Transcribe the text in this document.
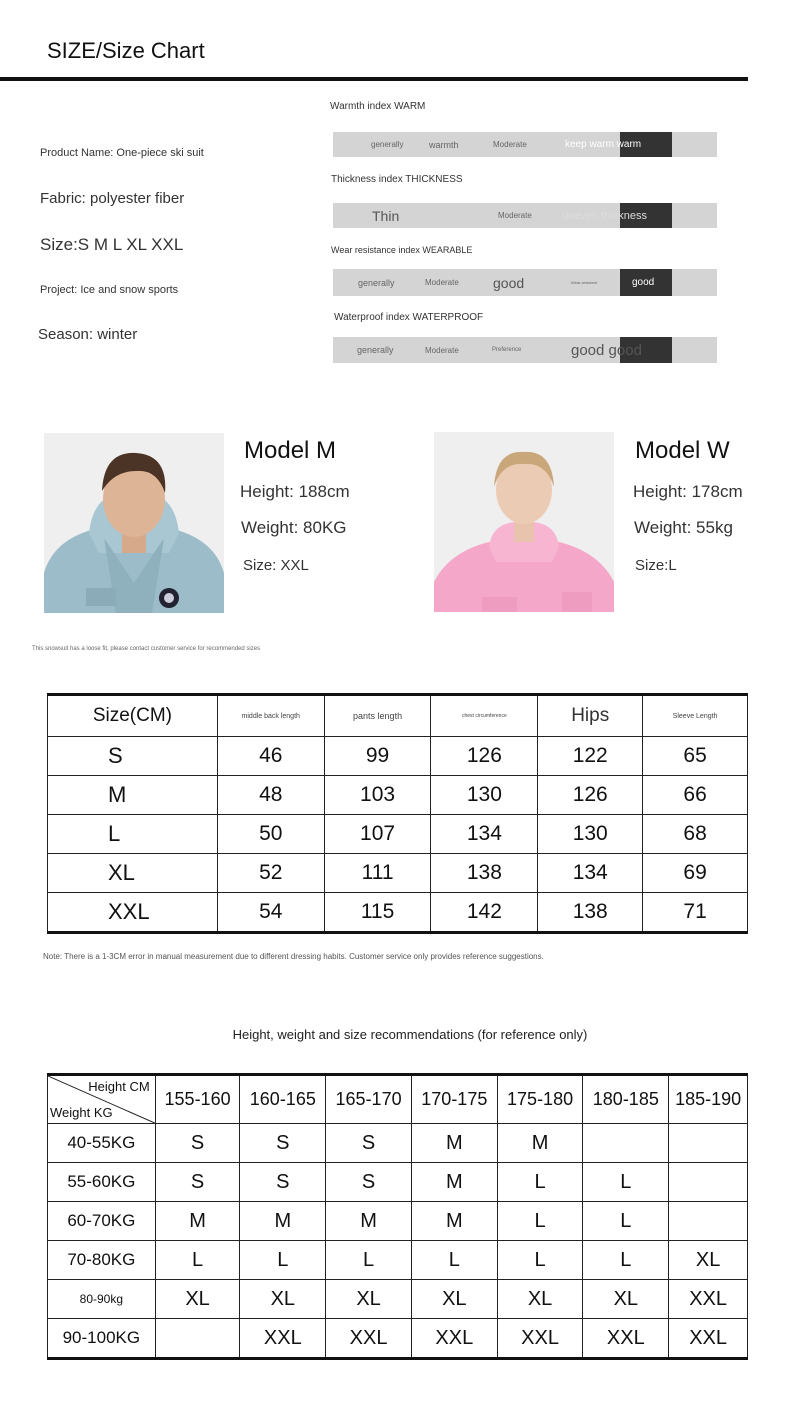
SIZE/Size Chart
Product Name: One-piece ski suit
Fabric: polyester fiber
Size:S M L XL XXL
Project: Ice and snow sports
Season: winter
Warmth index WARM
generally	warmth	Moderate	keep warm warm
Thickness index THICKNESS
Thin	Moderate	uneven thickness
Wear resistance index WEARABLE
generally	Moderate good	Wear-resistant	good
Waterproof index WATERPROOF
generally	Moderate	Preference	good good
Model M
Height: 188cm
Weight: 80KG
Size: XXL
Model W
Height: 178cm
Weight: 55kg
Size:L
This snowsuit has a loose fit, please contact customer service for recommended sizes
Size(CM)	middle back length	pants length	chest circumference	Hips	Sleeve Length
S	46	99	126	122	65
M	48	103	130	126	66
L	50	107	134	130	68
XL	52	111	138	134	69
XXL	54	115	142	138	71
Note: There is a 1-3CM error in manual measurement due to different dressing habits. Customer service only provides reference suggestions.
Height, weight and size recommendations (for reference only)
Height CM
Weight KG	155-160	160-165	165-170	170-175	175-180	180-185	185-190
40-55KG	S	S	S	M	M		
55-60KG	S	S	S	M	L	L	
60-70KG	M	M	M	M	L	L	
70-80KG	L	L	L	L	L	L	XL
80-90kg	XL	XL	XL	XL	XL	XL	XXL
90-100KG		XXL	XXL	XXL	XXL	XXL	XXL
